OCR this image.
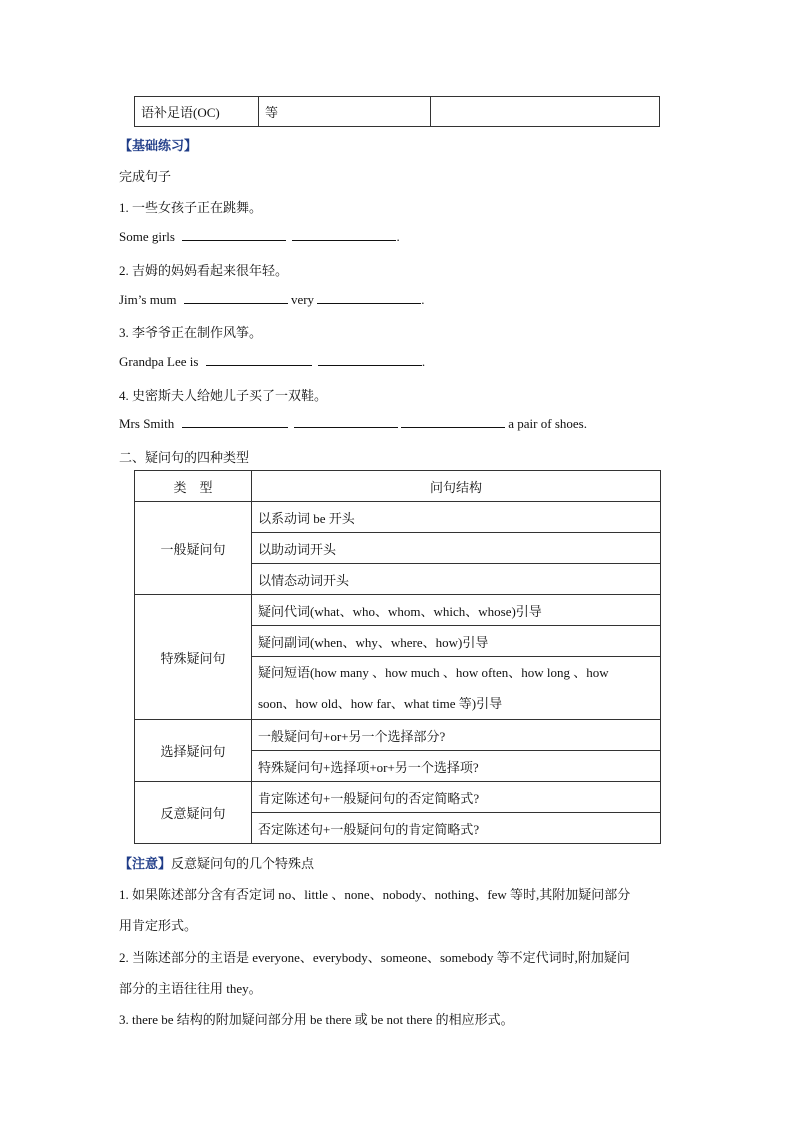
语补足语(OC)	等	
【基础练习】
完成句子
1. 一些女孩子正在跳舞。
Some girls	.
2. 吉姆的妈妈看起来很年轻。
Jim’s mum	very	.
3. 李爷爷正在制作风筝。
Grandpa Lee is	.
4. 史密斯夫人给她儿子买了一双鞋。
Mrs Smith	a pair of shoes.
二、疑问句的四种类型
类　型	问句结构
一般疑问句	以系动词 be 开头
	以助动词开头
	以情态动词开头
特殊疑问句	疑问代词(what、who、whom、which、whose)引导
	疑问副词(when、why、where、how)引导

	疑问短语(how many 、how much 、how often、how long 、how
soon、how old、how far、what time 等)引导

选择疑问句	一般疑问句+or+另一个选择部分?
	特殊疑问句+选择项+or+另一个选择项?
反意疑问句	肯定陈述句+一般疑问句的否定简略式?
	否定陈述句+一般疑问句的肯定简略式?
【注意】反意疑问句的几个特殊点
1. 如果陈述部分含有否定词 no、little 、none、nobody、nothing、few 等时,其附加疑问部分
用肯定形式。
2. 当陈述部分的主语是 everyone、everybody、someone、somebody 等不定代词时,附加疑问
部分的主语往往用 they。
3. there be 结构的附加疑问部分用 be there 或 be not there 的相应形式。
